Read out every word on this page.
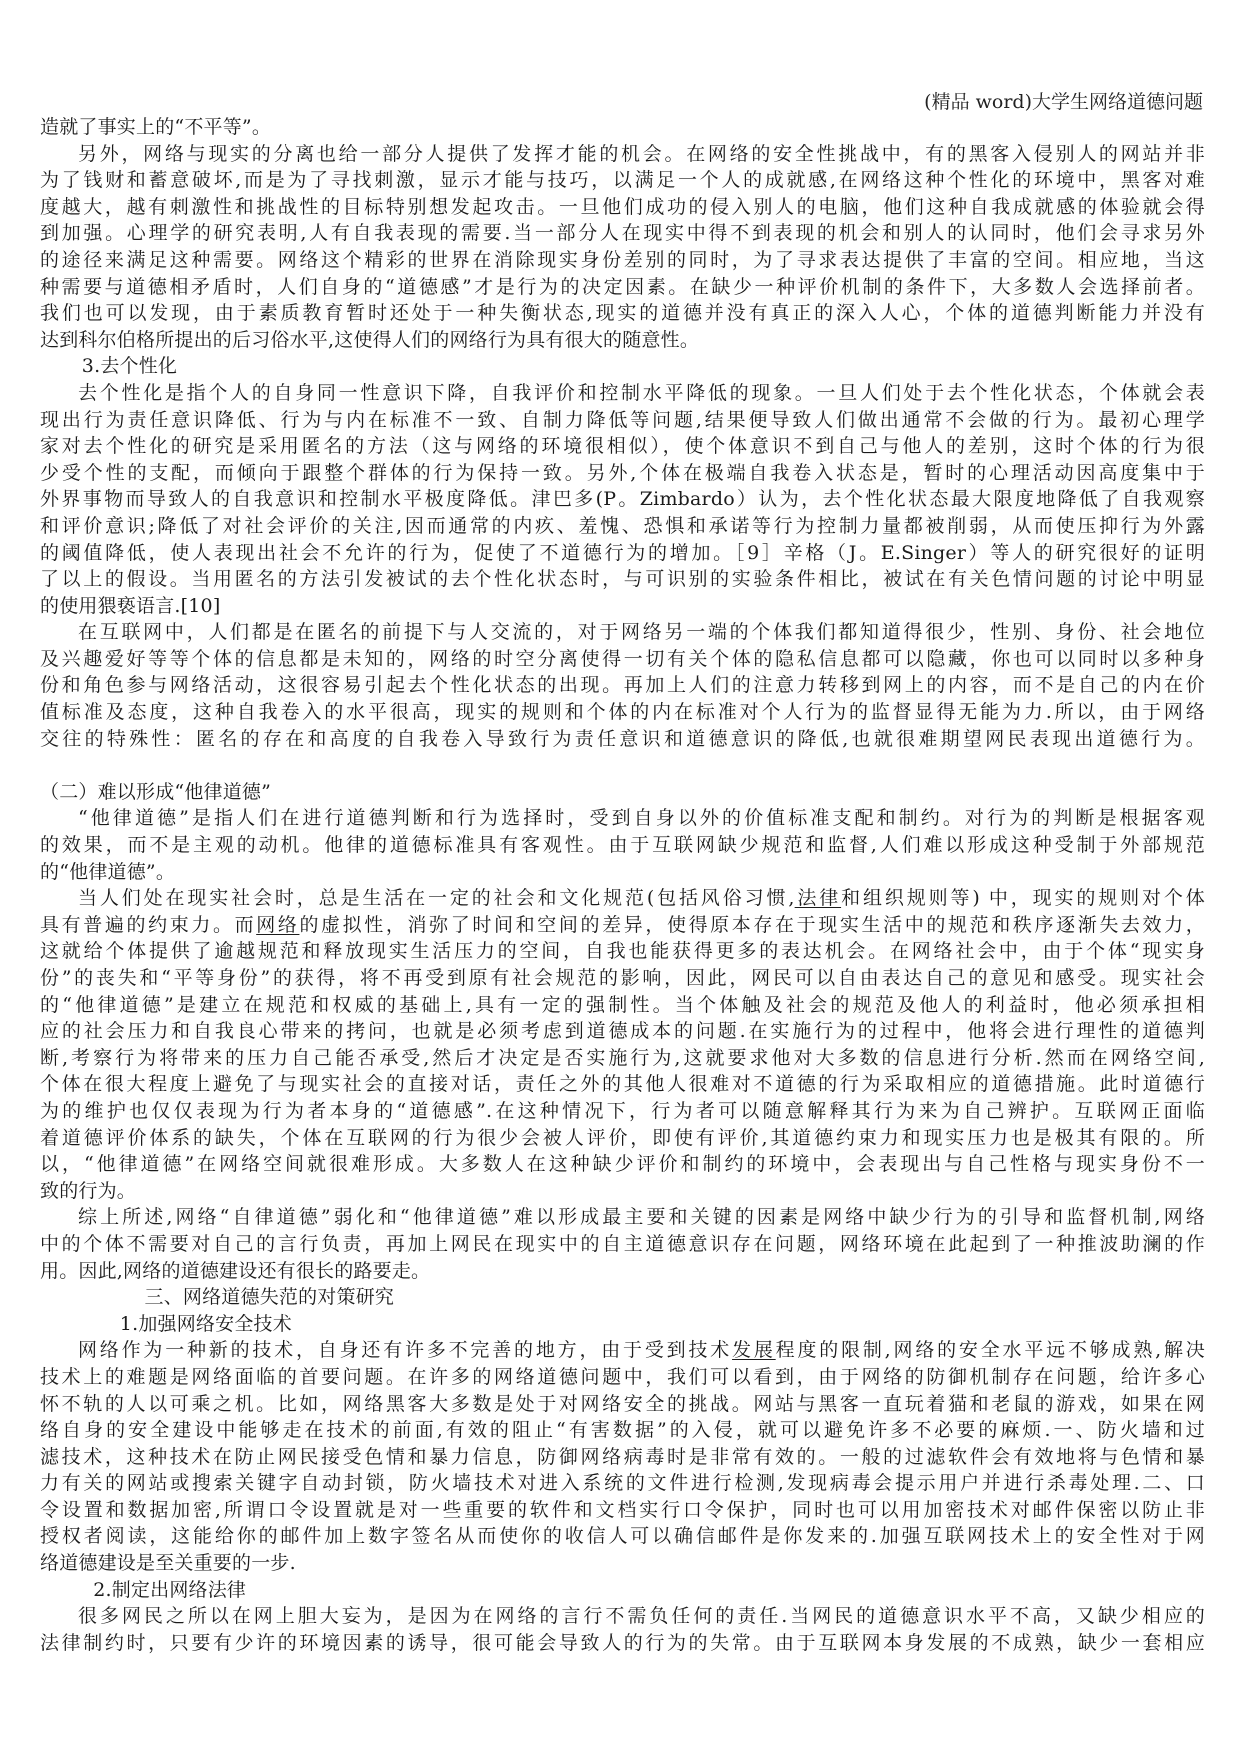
(精品 word)大学生网络道德问题
造就了事实上的“不平等”。
另外，网络与现实的分离也给一部分人提供了发挥才能的机会。在网络的安全性挑战中，有的黑客入侵别人的网站并非
为了钱财和蓄意破坏,而是为了寻找刺激，显示才能与技巧，以满足一个人的成就感,在网络这种个性化的环境中，黑客对难
度越大，越有刺激性和挑战性的目标特别想发起攻击。一旦他们成功的侵入别人的电脑，他们这种自我成就感的体验就会得
到加强。心理学的研究表明,人有自我表现的需要.当一部分人在现实中得不到表现的机会和别人的认同时，他们会寻求另外
的途径来满足这种需要。网络这个精彩的世界在消除现实身份差别的同时，为了寻求表达提供了丰富的空间。相应地，当这
种需要与道德相矛盾时，人们自身的“道德感”才是行为的决定因素。在缺少一种评价机制的条件下，大多数人会选择前者。
我们也可以发现，由于素质教育暂时还处于一种失衡状态,现实的道德并没有真正的深入人心，个体的道德判断能力并没有
达到科尔伯格所提出的后习俗水平,这使得人们的网络行为具有很大的随意性。
3.去个性化
去个性化是指个人的自身同一性意识下降，自我评价和控制水平降低的现象。一旦人们处于去个性化状态，个体就会表
现出行为责任意识降低、行为与内在标准不一致、自制力降低等问题,结果便导致人们做出通常不会做的行为。最初心理学
家对去个性化的研究是采用匿名的方法（这与网络的环境很相似），使个体意识不到自己与他人的差别，这时个体的行为很
少受个性的支配，而倾向于跟整个群体的行为保持一致。另外,个体在极端自我卷入状态是，暂时的心理活动因高度集中于
外界事物而导致人的自我意识和控制水平极度降低。津巴多(P。Zimbardo）认为，去个性化状态最大限度地降低了自我观察
和评价意识;降低了对社会评价的关注,因而通常的内疚、羞愧、恐惧和承诺等行为控制力量都被削弱，从而使压抑行为外露
的阈值降低，使人表现出社会不允许的行为，促使了不道德行为的增加。［9］辛格（J。E.Singer）等人的研究很好的证明
了以上的假设。当用匿名的方法引发被试的去个性化状态时，与可识别的实验条件相比，被试在有关色情问题的讨论中明显
的使用猥亵语言.[10]
在互联网中，人们都是在匿名的前提下与人交流的，对于网络另一端的个体我们都知道得很少，性别、身份、社会地位
及兴趣爱好等等个体的信息都是未知的，网络的时空分离使得一切有关个体的隐私信息都可以隐藏，你也可以同时以多种身
份和角色参与网络活动，这很容易引起去个性化状态的出现。再加上人们的注意力转移到网上的内容，而不是自己的内在价
值标准及态度，这种自我卷入的水平很高，现实的规则和个体的内在标准对个人行为的监督显得无能为力.所以，由于网络
交往的特殊性：匿名的存在和高度的自我卷入导致行为责任意识和道德意识的降低,也就很难期望网民表现出道德行为。

（二）难以形成“他律道德”
“他律道德”是指人们在进行道德判断和行为选择时，受到自身以外的价值标准支配和制约。对行为的判断是根据客观
的效果，而不是主观的动机。他律的道德标准具有客观性。由于互联网缺少规范和监督,人们难以形成这种受制于外部规范
的“他律道德”。
当人们处在现实社会时，总是生活在一定的社会和文化规范(包括风俗习惯,法律和组织规则等) 中，现实的规则对个体
具有普遍的约束力。而网络的虚拟性，消弥了时间和空间的差异，使得原本存在于现实生活中的规范和秩序逐渐失去效力，
这就给个体提供了逾越规范和释放现实生活压力的空间，自我也能获得更多的表达机会。在网络社会中，由于个体“现实身
份”的丧失和“平等身份”的获得，将不再受到原有社会规范的影响，因此，网民可以自由表达自己的意见和感受。现实社会
的“他律道德”是建立在规范和权威的基础上,具有一定的强制性。当个体触及社会的规范及他人的利益时，他必须承担相
应的社会压力和自我良心带来的拷问，也就是必须考虑到道德成本的问题.在实施行为的过程中，他将会进行理性的道德判
断,考察行为将带来的压力自己能否承受,然后才决定是否实施行为,这就要求他对大多数的信息进行分析.然而在网络空间,
个体在很大程度上避免了与现实社会的直接对话，责任之外的其他人很难对不道德的行为采取相应的道德措施。此时道德行
为的维护也仅仅表现为行为者本身的“道德感”.在这种情况下，行为者可以随意解释其行为来为自己辨护。互联网正面临
着道德评价体系的缺失，个体在互联网的行为很少会被人评价，即使有评价,其道德约束力和现实压力也是极其有限的。所
以，“他律道德”在网络空间就很难形成。大多数人在这种缺少评价和制约的环境中，会表现出与自己性格与现实身份不一
致的行为。
综上所述,网络“自律道德”弱化和“他律道德”难以形成最主要和关键的因素是网络中缺少行为的引导和监督机制,网络
中的个体不需要对自己的言行负责，再加上网民在现实中的自主道德意识存在问题，网络环境在此起到了一种推波助澜的作
用。因此,网络的道德建设还有很长的路要走。
三、网络道德失范的对策研究
1.加强网络安全技术
网络作为一种新的技术，自身还有许多不完善的地方，由于受到技术发展程度的限制,网络的安全水平远不够成熟,解决
技术上的难题是网络面临的首要问题。在许多的网络道德问题中，我们可以看到，由于网络的防御机制存在问题，给许多心
怀不轨的人以可乘之机。比如，网络黑客大多数是处于对网络安全的挑战。网站与黑客一直玩着猫和老鼠的游戏，如果在网
络自身的安全建设中能够走在技术的前面,有效的阻止“有害数据”的入侵，就可以避免许多不必要的麻烦.一、防火墙和过
滤技术，这种技术在防止网民接受色情和暴力信息，防御网络病毒时是非常有效的。一般的过滤软件会有效地将与色情和暴
力有关的网站或搜索关键字自动封锁，防火墙技术对进入系统的文件进行检测,发现病毒会提示用户并进行杀毒处理.二、口
令设置和数据加密,所谓口令设置就是对一些重要的软件和文档实行口令保护，同时也可以用加密技术对邮件保密以防止非
授权者阅读，这能给你的邮件加上数字签名从而使你的收信人可以确信邮件是你发来的.加强互联网技术上的安全性对于网
络道德建设是至关重要的一步.
2.制定出网络法律
很多网民之所以在网上胆大妄为，是因为在网络的言行不需负任何的责任.当网民的道德意识水平不高，又缺少相应的
法律制约时，只要有少许的环境因素的诱导，很可能会导致人的行为的失常。由于互联网本身发展的不成熟，缺少一套相应
